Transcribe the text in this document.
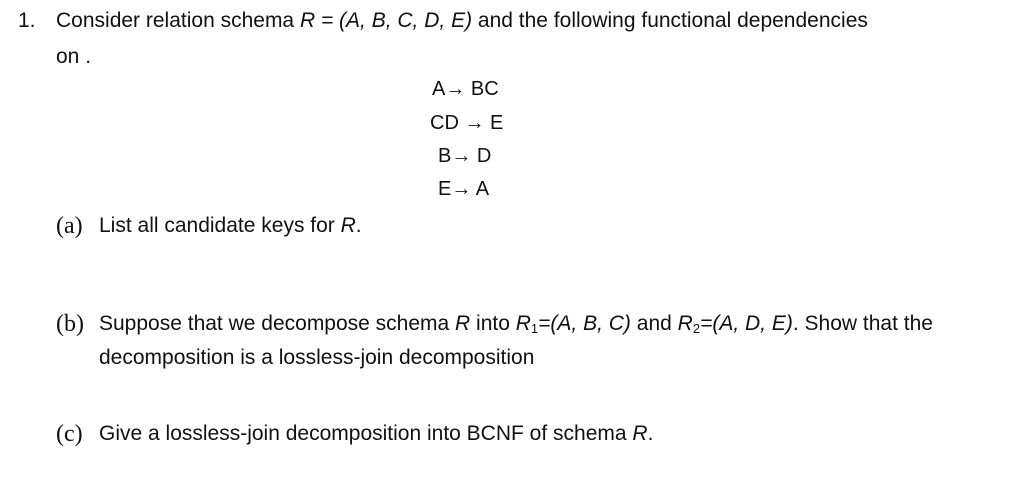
1. Consider relation schema R = (A, B, C, D, E) and the following functional dependencies
on .
A→ BC
CD → E
B→ D
E→ A
(a) List all candidate keys for R.
(b) Suppose that we decompose schema R into $R_1=(A$, B, C) and $R_2=(A$, D, E). Show that the
decomposition is a lossless-join decomposition
(c) Give a lossless-join decomposition into BCNF of schema R.
